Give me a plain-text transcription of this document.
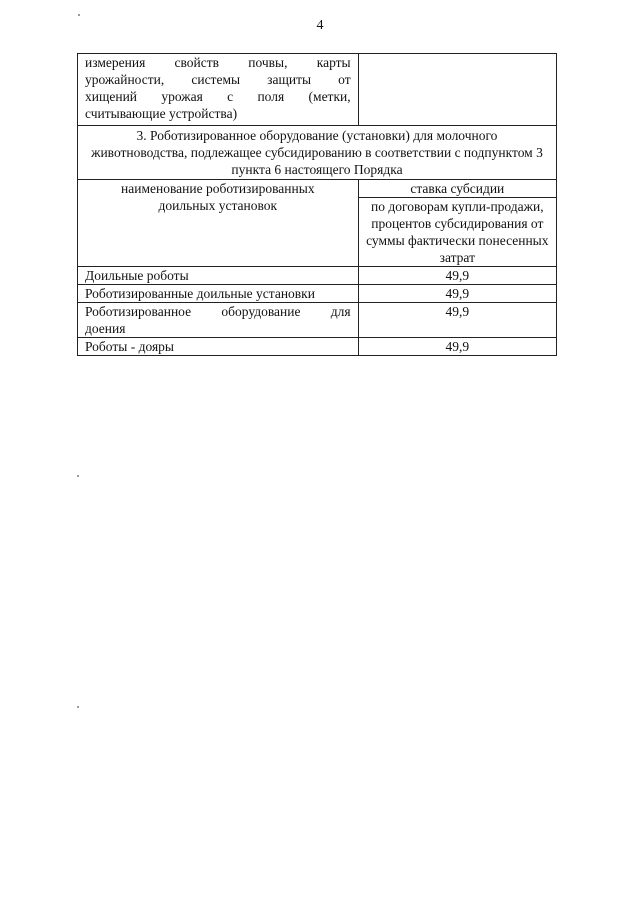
4
измерения свойств почвы, карты
урожайности, системы защиты от
хищений урожая с поля (метки,
считывающие устройства)	
3. Роботизированное оборудование (установки) для молочного животноводства, подлежащее субсидированию в соответствии с подпунктом 3 пункта 6 настоящего Порядка	
наименование роботизированных доильных установок	ставка субсидии
	по договорам купли-продажи, процентов субсидирования от суммы фактически понесенных затрат
Доильные роботы	49,9
Роботизированные доильные установки	49,9

Роботизированное оборудование для
доения	49,9
Роботы - дояры	49,9
